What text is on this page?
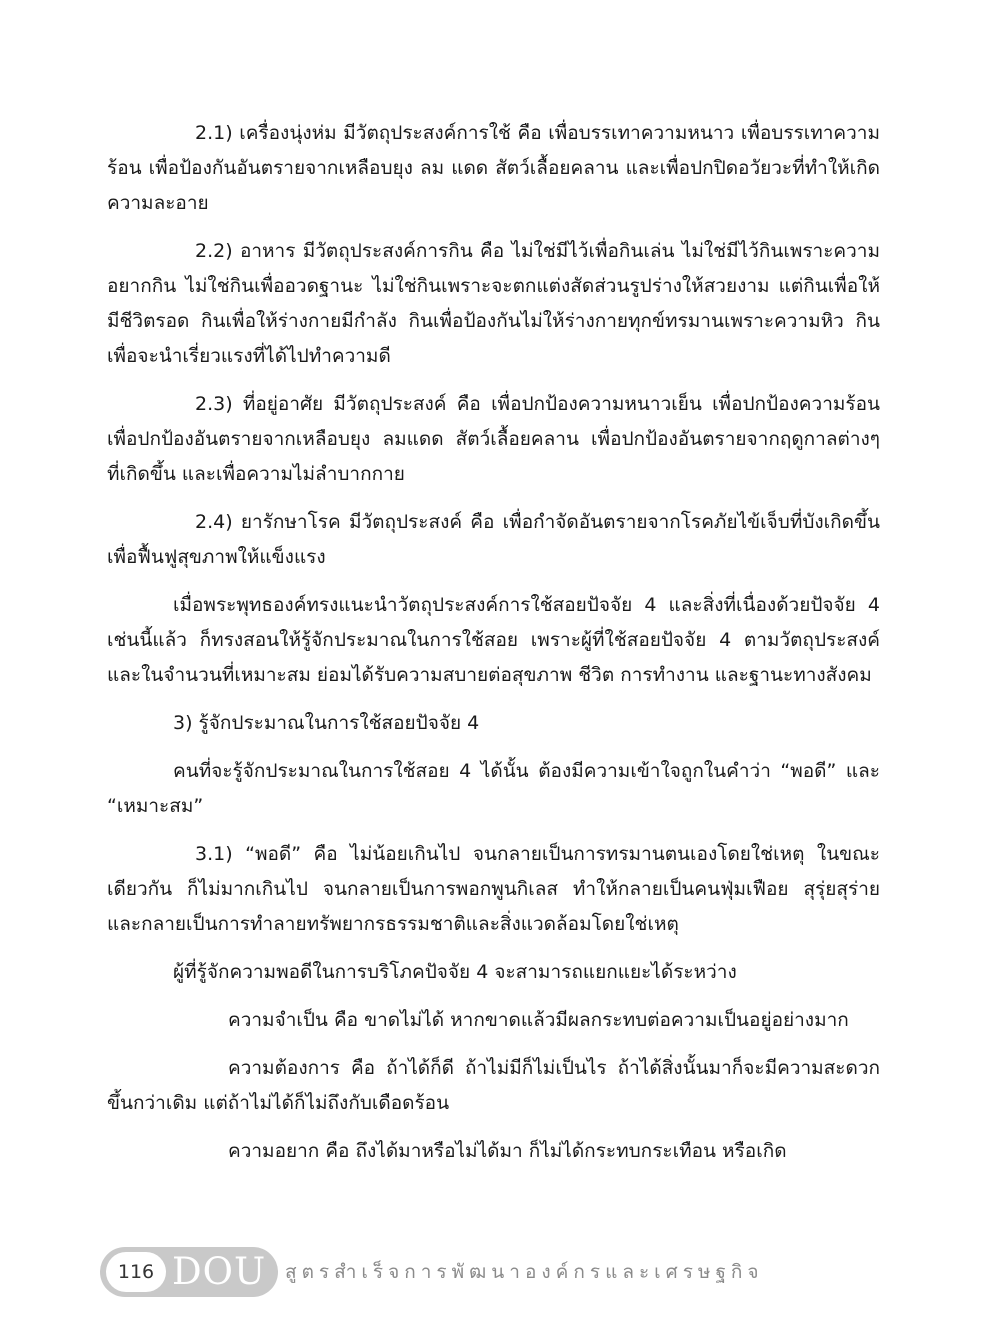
2.1) เครื่องนุ่งห่ม มีวัตถุประสงค์การใช้ คือ เพื่อบรรเทาความหนาว เพื่อบรรเทาความร้อน เพื่อป้องกันอันตรายจากเหลือบยุง ลม แดด สัตว์เลื้อยคลาน และเพื่อปกปิดอวัยวะที่ทำให้เกิดความละอาย

2.2) อาหาร มีวัตถุประสงค์การกิน คือ ไม่ใช่มีไว้เพื่อกินเล่น ไม่ใช่มีไว้กินเพราะความอยากกิน ไม่ใช่กินเพื่ออวดฐานะ ไม่ใช่กินเพราะจะตกแต่งสัดส่วนรูปร่างให้สวยงาม แต่กินเพื่อให้มีชีวิตรอด กินเพื่อให้ร่างกายมีกำลัง กินเพื่อป้องกันไม่ให้ร่างกายทุกข์ทรมานเพราะความหิว กินเพื่อจะนำเรี่ยวแรงที่ได้ไปทำความดี

2.3) ที่อยู่อาศัย มีวัตถุประสงค์ คือ เพื่อปกป้องความหนาวเย็น เพื่อปกป้องความร้อน เพื่อปกป้องอันตรายจากเหลือบยุง ลมแดด สัตว์เลื้อยคลาน เพื่อปกป้องอันตรายจากฤดูกาลต่างๆ ที่เกิดขึ้น และเพื่อความไม่ลำบากกาย

2.4) ยารักษาโรค มีวัตถุประสงค์ คือ เพื่อกำจัดอันตรายจากโรคภัยไข้เจ็บที่บังเกิดขึ้น เพื่อฟื้นฟูสุขภาพให้แข็งแรง

เมื่อพระพุทธองค์ทรงแนะนำวัตถุประสงค์การใช้สอยปัจจัย 4 และสิ่งที่เนื่องด้วยปัจจัย 4 เช่นนี้แล้ว ก็ทรงสอนให้รู้จักประมาณในการใช้สอย เพราะผู้ที่ใช้สอยปัจจัย 4 ตามวัตถุประสงค์และในจำนวนที่เหมาะสม ย่อมได้รับความสบายต่อสุขภาพ ชีวิต การทำงาน และฐานะทางสังคม

3) รู้จักประมาณในการใช้สอยปัจจัย 4

คนที่จะรู้จักประมาณในการใช้สอย 4 ได้นั้น ต้องมีความเข้าใจถูกในคำว่า “พอดี” และ “เหมาะสม”

3.1) “พอดี” คือ ไม่น้อยเกินไป จนกลายเป็นการทรมานตนเองโดยใช่เหตุ ในขณะเดียวกัน ก็ไม่มากเกินไป จนกลายเป็นการพอกพูนกิเลส ทำให้กลายเป็นคนฟุ่มเฟือย สุรุ่ยสุร่าย และกลายเป็นการทำลายทรัพยากรธรรมชาติและสิ่งแวดล้อมโดยใช่เหตุ

ผู้ที่รู้จักความพอดีในการบริโภคปัจจัย 4 จะสามารถแยกแยะได้ระหว่าง

ความจำเป็น คือ ขาดไม่ได้ หากขาดแล้วมีผลกระทบต่อความเป็นอยู่อย่างมาก

ความต้องการ คือ ถ้าได้ก็ดี ถ้าไม่มีก็ไม่เป็นไร ถ้าได้สิ่งนั้นมาก็จะมีความสะดวกขึ้นกว่าเดิม แต่ถ้าไม่ได้ก็ไม่ถึงกับเดือดร้อน

ความอยาก คือ ถึงได้มาหรือไม่ได้มา ก็ไม่ได้กระทบกระเทือน หรือเกิด

116 DOU สูตรสำเร็จการพัฒนาองค์กรและเศรษฐกิจ
